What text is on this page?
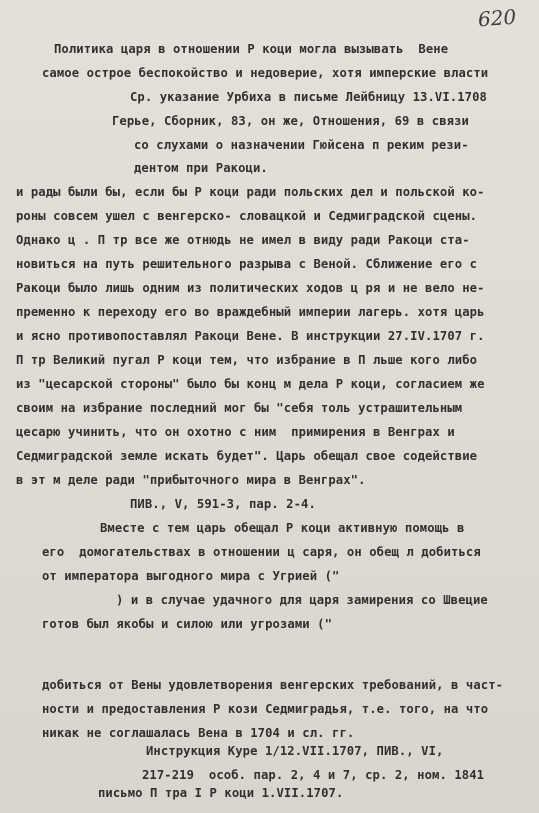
620
Политика царя в отношении Р коци могла вызывать  Вене
самое острое беспокойство и недоверие, хотя имперские власти
Ср. указание Урбиха в письме Лейбницу 13.VI.1708
Герье, Сборник, 83, он же, Отношения, 69 в связи
со слухами о назначении Гюйсена п реким рези-
дентом при Ракоци.
и рады были бы, если бы Р коци ради польских дел и польской ко-
роны совсем ушел с венгерско- словацкой и Седмиградской сцены.
Однако ц . П тр все же отнюдь не имел в виду ради Ракоци ста-
новиться на путь решительного разрыва с Веной. Сближение его с
Ракоци было лишь одним из политических ходов ц ря и не вело не-
пременно к переходу его во враждебный империи лагерь. хотя царь
и ясно противопоставлял Ракоци Вене. В инструкции 27.IV.1707 г.
П тр Великий пугал Р коци тем, что избрание в П льше кого либо
из "цесарской стороны" было бы конц м дела Р коци, согласием же
своим на избрание последний мог бы "себя толь устрашительным
цесарю учинить, что он охотно с ним  примирения в Венграх и
Седмиградской земле искать будет". Царь обещал свое содействие
в эт м деле ради "прибыточного мира в Венграх".
ПИВ., V, 591-3, пар. 2-4.
Вместе с тем царь обещал Р коци активную помощь в
его  домогательствах в отношении ц саря, он обещ л добиться
от императора выгодного мира с Угрией ("
) и в случае удачного для царя замирения со Швецие
готов был якобы и силою или угрозами ("
добиться от Вены удовлетворения венгерских требований, в част-
ности и предоставления Р кози Седмиградья, т.е. того, на что
никак не соглашалась Вена в 1704 и сл. гг.
Инструкция Куре 1/12.VII.1707, ПИВ., VI,
217-219  особ. пар. 2, 4 и 7, ср. 2, ном. 1841
письмо П тра I Р коци 1.VII.1707.
